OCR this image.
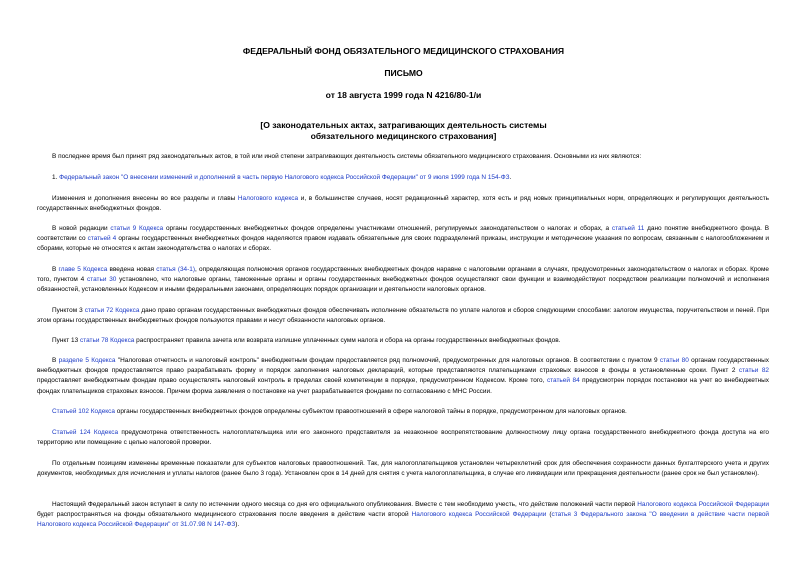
ФЕДЕРАЛЬНЫЙ ФОНД ОБЯЗАТЕЛЬНОГО МЕДИЦИНСКОГО СТРАХОВАНИЯ
ПИСЬМО
от 18 августа 1999 года N 4216/80-1/и
[О законодательных актах, затрагивающих деятельность системы
обязательного медицинского страхования]

В последнее время был принят ряд законодательных актов, в той или иной степени затрагивающих деятельность системы обязательного медицинского страхования. Основными из них являются:

1. Федеральный закон "О внесении изменений и дополнений в часть первую Налогового кодекса Российской Федерации" от 9 июля 1999 года N 154-ФЗ.

Изменения и дополнения внесены во все разделы и главы Налогового кодекса и, в большинстве случаев, носят редакционный характер, хотя есть и ряд новых принципиальных норм, определяющих и регулирующих деятельность государственных внебюджетных фондов.

В новой редакции статьи 9 Кодекса органы государственных внебюджетных фондов определены участниками отношений, регулируемых законодательством о налогах и сборах, а статьей 11 дано понятие внебюджетного фонда. В соответствии со статьей 4 органы государственных внебюджетных фондов наделяются правом издавать обязательные для своих подразделений приказы, инструкции и методические указания по вопросам, связанным с налогообложением и сборами, которые не относятся к актам законодательства о налогах и сборах.

В главе 5 Кодекса введена новая статья (34-1), определяющая полномочия органов государственных внебюджетных фондов наравне с налоговыми органами в случаях, предусмотренных законодательством о налогах и сборах. Кроме того, пунктом 4 статьи 30 установлено, что налоговые органы, таможенные органы и органы государственных внебюджетных фондов осуществляют свои функции и взаимодействуют посредством реализации полномочий и исполнения обязанностей, установленных Кодексом и иными федеральными законами, определяющих порядок организации и деятельности налоговых органов.

Пунктом 3 статьи 72 Кодекса дано право органам государственных внебюджетных фондов обеспечивать исполнение обязательств по уплате налогов и сборов следующими способами: залогом имущества, поручительством и пеней. При этом органы государственных внебюджетных фондов пользуются правами и несут обязанности налоговых органов.

Пункт 13 статьи 78 Кодекса распространяет правила зачета или возврата излишне уплаченных сумм налога и сбора на органы государственных внебюджетных фондов.

В разделе 5 Кодекса "Налоговая отчетность и налоговый контроль" внебюджетным фондам предоставляется ряд полномочий, предусмотренных для налоговых органов. В соответствии с пунктом 9 статьи 80 органам государственных внебюджетных фондов предоставляется право разрабатывать форму и порядок заполнения налоговых деклараций, которые представляются плательщиками страховых взносов в фонды в установленные сроки. Пункт 2 статьи 82 предоставляет внебюджетным фондам право осуществлять налоговый контроль в пределах своей компетенции в порядке, предусмотренном Кодексом. Кроме того, статьей 84 предусмотрен порядок постановки на учет во внебюджетных фондах плательщиков страховых взносов. Причем форма заявления о постановке на учет разрабатывается фондами по согласованию с МНС России.

Статьей 102 Кодекса органы государственных внебюджетных фондов определены субъектом правоотношений в сфере налоговой тайны в порядке, предусмотренном для налоговых органов.

Статьей 124 Кодекса предусмотрена ответственность налогоплательщика или его законного представителя за незаконное воспрепятствование должностному лицу органа государственного внебюджетного фонда доступа на его территорию или помещение с целью налоговой проверки.

По отдельным позициям изменены временные показатели для субъектов налоговых правоотношений. Так, для налогоплательщиков установлен четырехлетний срок для обеспечения сохранности данных бухгалтерского учета и других документов, необходимых для исчисления и уплаты налогов (ранее было 3 года). Установлен срок в 14 дней для снятия с учета налогоплательщика, в случае его ликвидации или прекращения деятельности (ранее срок не был установлен).

Настоящий Федеральный закон вступает в силу по истечении одного месяца со дня его официального опубликования. Вместе с тем необходимо учесть, что действие положений части первой Налогового кодекса Российской Федерации будет распространяться на фонды обязательного медицинского страхования после введения в действие части второй Налогового кодекса Российской Федерации (статья 3 Федерального закона "О введении в действие части первой Налогового кодекса Российской Федерации" от 31.07.98 N 147-ФЗ).
